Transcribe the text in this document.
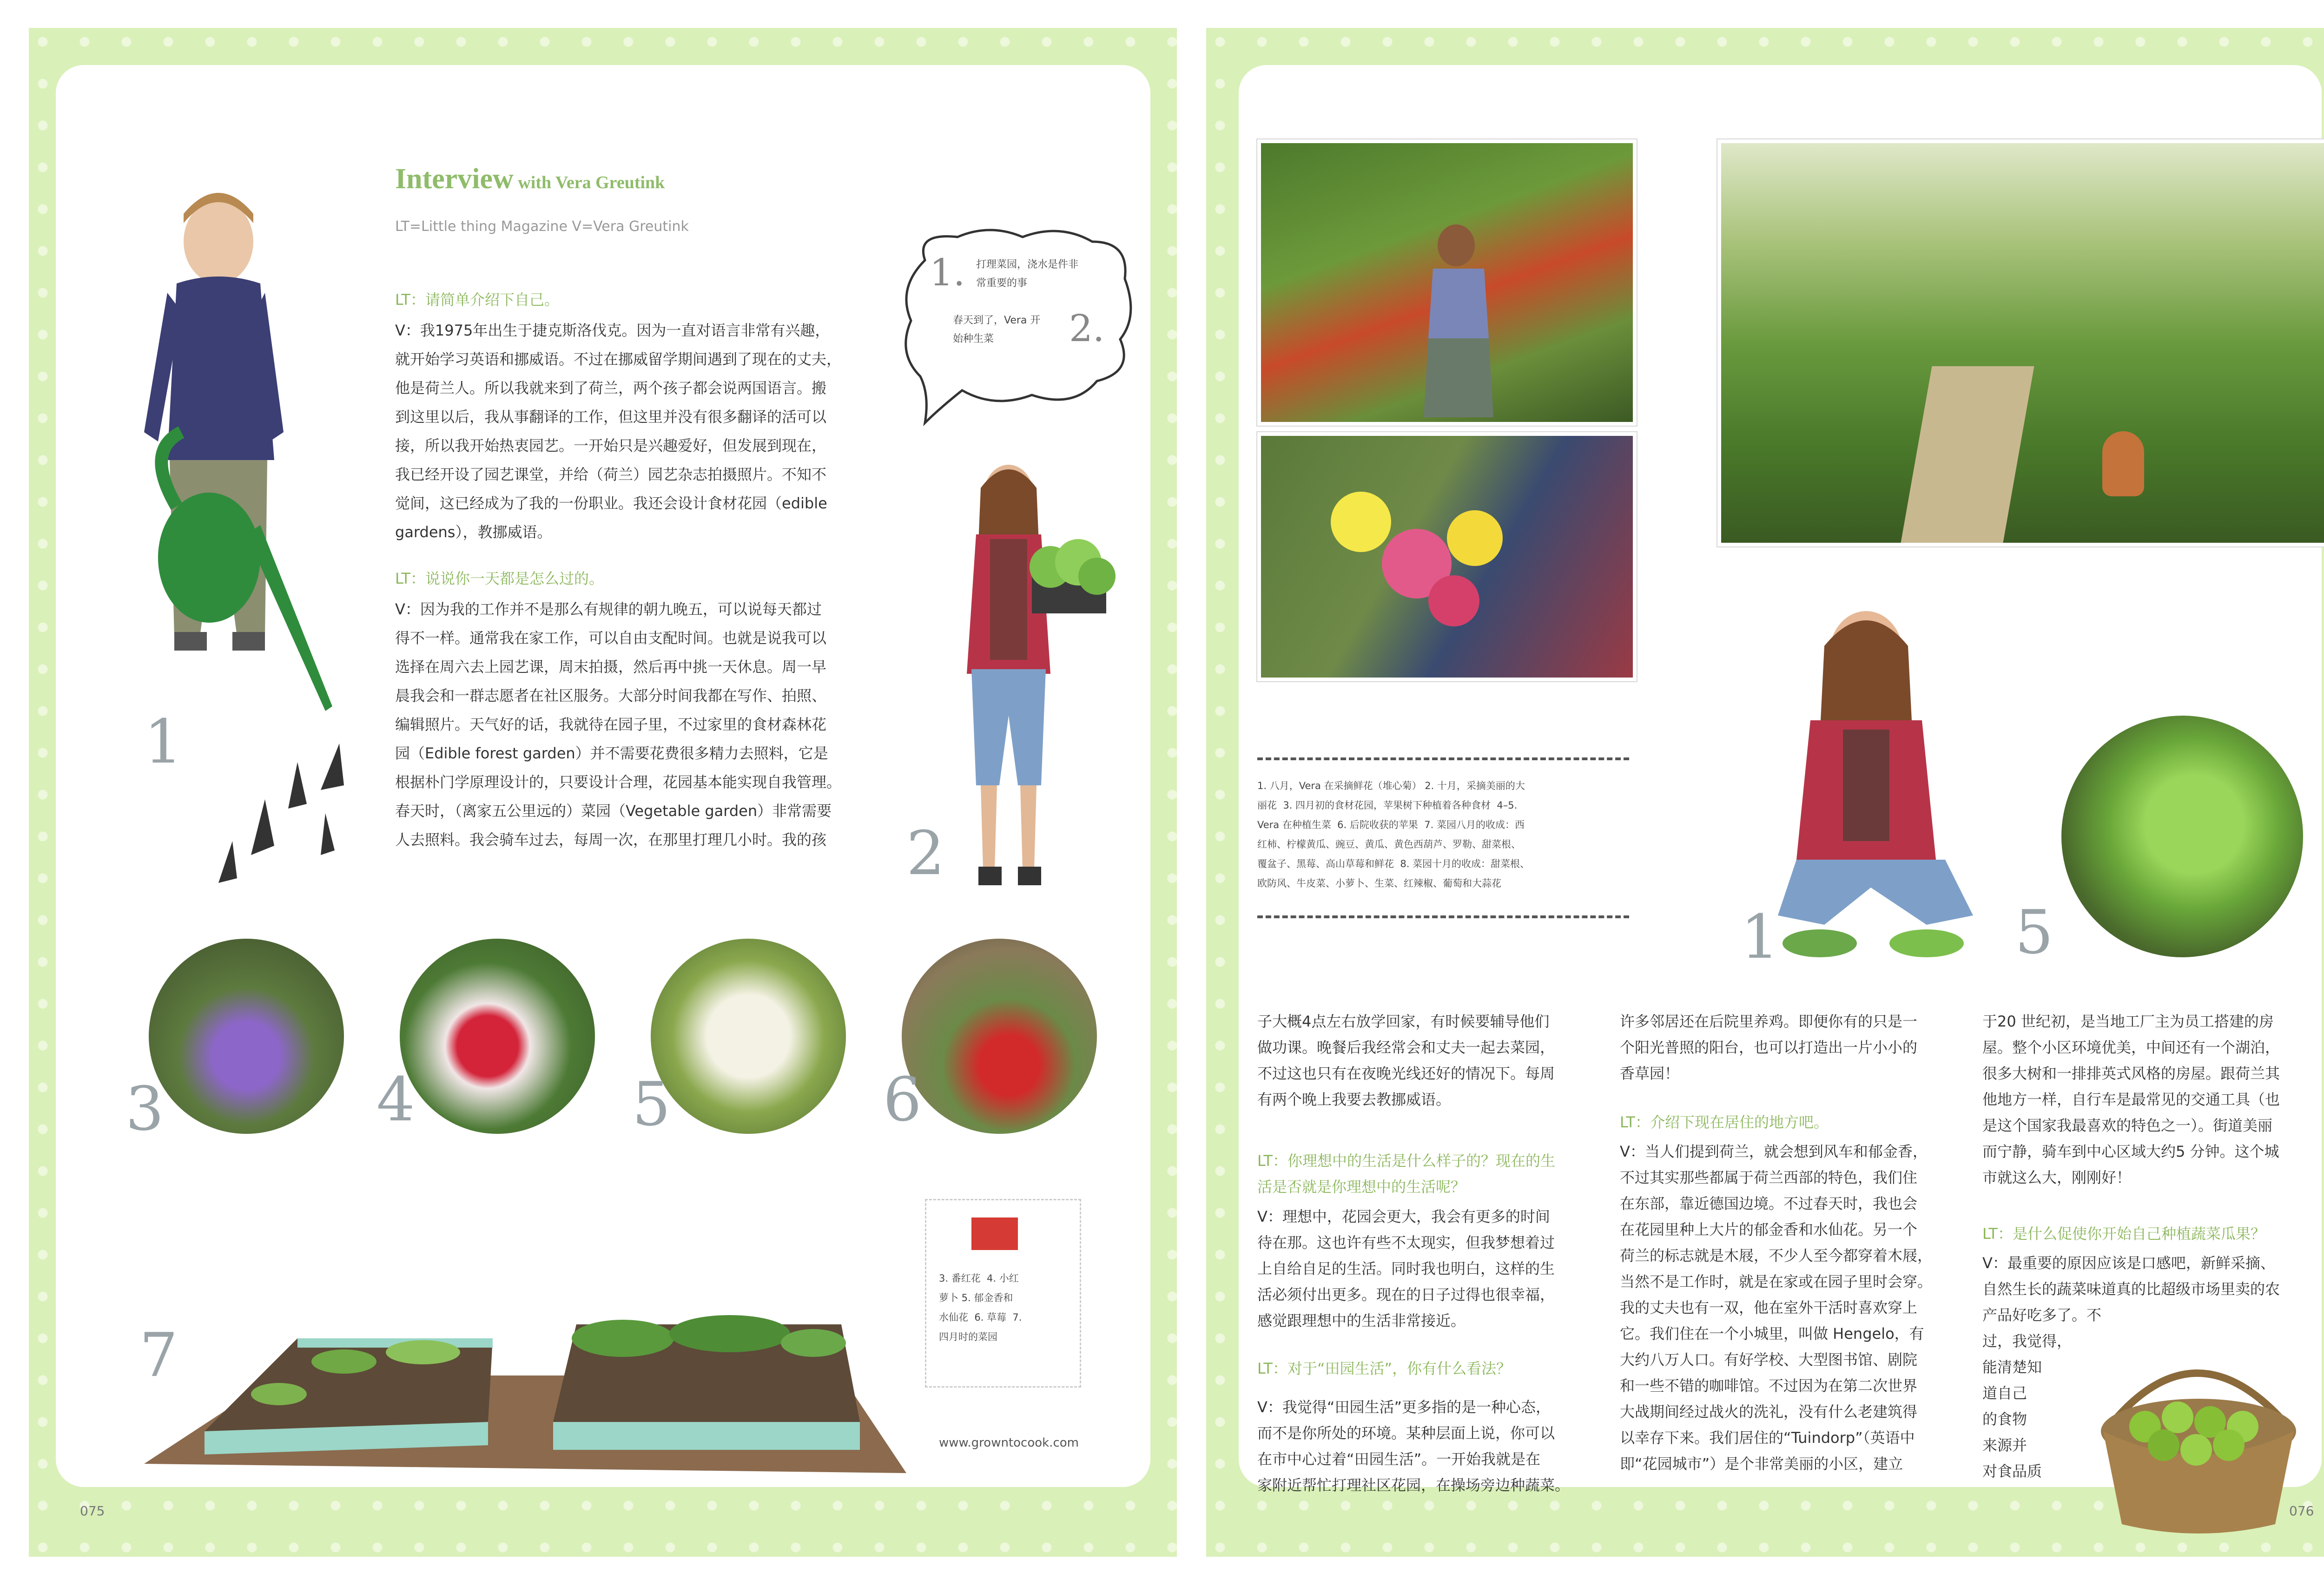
Interview with Vera Greutink
LT=Little thing Magazine V=Vera Greutink
LT：请简单介绍下自己。
V：我1975年出生于捷克斯洛伐克。因为一直对语言非常有兴趣，
就开始学习英语和挪威语。不过在挪威留学期间遇到了现在的丈夫，
他是荷兰人。所以我就来到了荷兰，两个孩子都会说两国语言。搬
到这里以后，我从事翻译的工作，但这里并没有很多翻译的活可以
接，所以我开始热衷园艺。一开始只是兴趣爱好，但发展到现在，
我已经开设了园艺课堂，并给（荷兰）园艺杂志拍摄照片。不知不
觉间，这已经成为了我的一份职业。我还会设计食材花园（edible
gardens），教挪威语。
LT：说说你一天都是怎么过的。
V：因为我的工作并不是那么有规律的朝九晚五，可以说每天都过
得不一样。通常我在家工作，可以自由支配时间。也就是说我可以
选择在周六去上园艺课，周末拍摄，然后再中挑一天休息。周一早
晨我会和一群志愿者在社区服务。大部分时间我都在写作、拍照、
编辑照片。天气好的话，我就待在园子里，不过家里的食材森林花
园（Edible forest garden）并不需要花费很多精力去照料，它是
根据朴门学原理设计的，只要设计合理，花园基本能实现自我管理。
春天时，（离家五公里远的）菜园（Vegetable garden）非常需要
人去照料。我会骑车过去，每周一次，在那里打理几小时。我的孩
1
1. 打理菜园，浇水是件非
常重要的事
春天到了，Vera 开
始种生菜	2.
2
3	4	5	6
7
3. 番红花  4. 小红
萝卜 5. 郁金香和
水仙花  6. 草莓  7.
四月时的菜园
www.growntocook.com
075
1. 八月，Vera 在采摘鲜花（堆心菊） 2. 十月，采摘美丽的大
丽花  3. 四月初的食材花园，苹果树下种植着各种食材  4–5.
Vera 在种植生菜  6. 后院收获的苹果  7. 菜园八月的收成：西
红柿、柠檬黄瓜、豌豆、黄瓜、黄色西葫芦、罗勒、甜菜根、
覆盆子、黑莓、高山草莓和鲜花  8. 菜园十月的收成：甜菜根、
欧防风、牛皮菜、小萝卜、生菜、红辣椒、葡萄和大蒜花
1	5
子大概4点左右放学回家，有时候要辅导他们
做功课。晚餐后我经常会和丈夫一起去菜园，
不过这也只有在夜晚光线还好的情况下。每周
有两个晚上我要去教挪威语。
LT：你理想中的生活是什么样子的？现在的生
活是否就是你理想中的生活呢？
V：理想中，花园会更大，我会有更多的时间
待在那。这也许有些不太现实，但我梦想着过
上自给自足的生活。同时我也明白，这样的生
活必须付出更多。现在的日子过得也很幸福，
感觉跟理想中的生活非常接近。
LT：对于“田园生活”，你有什么看法？
V：我觉得“田园生活”更多指的是一种心态，
而不是你所处的环境。某种层面上说，你可以
在市中心过着“田园生活”。一开始我就是在
家附近帮忙打理社区花园，在操场旁边种蔬菜。
许多邻居还在后院里养鸡。即便你有的只是一
个阳光普照的阳台，也可以打造出一片小小的
香草园！
LT：介绍下现在居住的地方吧。
V：当人们提到荷兰，就会想到风车和郁金香，
不过其实那些都属于荷兰西部的特色，我们住
在东部，靠近德国边境。不过春天时，我也会
在花园里种上大片的郁金香和水仙花。另一个
荷兰的标志就是木屐，不少人至今都穿着木屐，
当然不是工作时，就是在家或在园子里时会穿。
我的丈夫也有一双，他在室外干活时喜欢穿上
它。我们住在一个小城里，叫做 Hengelo，有
大约八万人口。有好学校、大型图书馆、剧院
和一些不错的咖啡馆。不过因为在第二次世界
大战期间经过战火的洗礼，没有什么老建筑得
以幸存下来。我们居住的“Tuindorp”（英语中
即“花园城市”）是个非常美丽的小区，建立
于20 世纪初，是当地工厂主为员工搭建的房
屋。整个小区环境优美，中间还有一个湖泊，
很多大树和一排排英式风格的房屋。跟荷兰其
他地方一样，自行车是最常见的交通工具（也
是这个国家我最喜欢的特色之一）。街道美丽
而宁静，骑车到中心区域大约5 分钟。这个城
市就这么大，刚刚好！
LT：是什么促使你开始自己种植蔬菜瓜果？
V：最重要的原因应该是口感吧，新鲜采摘、
自然生长的蔬菜味道真的比超级市场里卖的农
产品好吃多了。不
过，我觉得，
能清楚知
道自己
的食物
来源并
对食品质
076
